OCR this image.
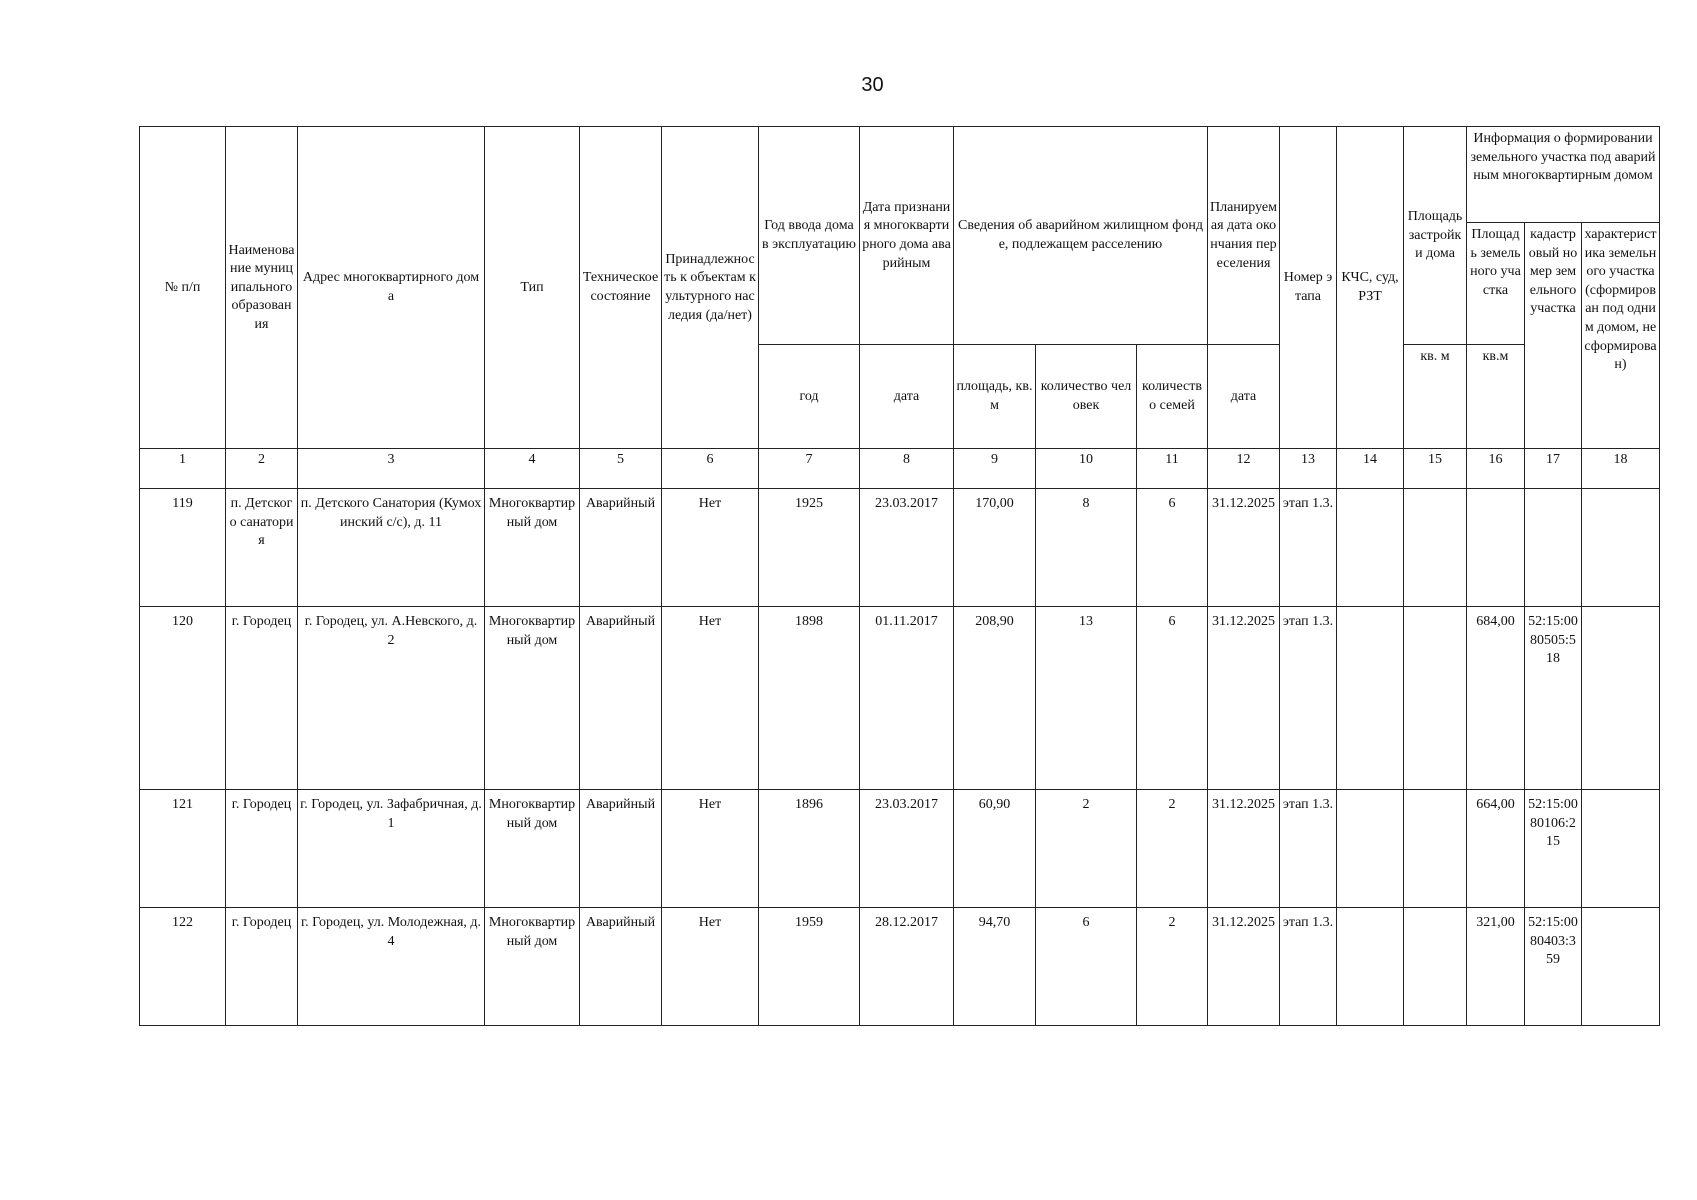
30
№ п/п	Наименование муниципального образования	Адрес многоквартирного дома	Тип	Техническое состояние	Принадлежность к объектам культурного наследия (да/нет)	Год ввода дома в эксплуатацию	Дата признания многоквартирного дома аварийным	Сведения об аварийном жилищном фонде, подлежащем расселению			Планируемая дата окончания переселения	Номер этапа	КЧС, суд, РЗТ	Площадь застройки дома	Информация о формировании земельного участка под аварийным многоквартирным домом		
															Площадь земельного участка	кадастровый номер земельного участка	характеристика земельного участка (сформирован под одним домом, не сформирован)
						год	дата	площадь, кв.м	количество человек	количество семей	дата			кв. м	кв.м		
1	2	3	4	5	6	7	8	9	10	11	12	13	14	15	16	17	18
119	п. Детского санатория	п. Детского Санатория (Кумохинский с/с), д. 11	Многоквартирный дом	Аварийный	Нет	1925	23.03.2017	170,00	8	6	31.12.2025	этап 1.3.					
120	г. Городец	г. Городец, ул. А.Невского, д. 2	Многоквартирный дом	Аварийный	Нет	1898	01.11.2017	208,90	13	6	31.12.2025	этап 1.3.			684,00	52:15:0080505:518	
121	г. Городец	г. Городец, ул. Зафабричная, д. 1	Многоквартирный дом	Аварийный	Нет	1896	23.03.2017	60,90	2	2	31.12.2025	этап 1.3.			664,00	52:15:0080106:215	
122	г. Городец	г. Городец, ул. Молодежная, д. 4	Многоквартирный дом	Аварийный	Нет	1959	28.12.2017	94,70	6	2	31.12.2025	этап 1.3.			321,00	52:15:0080403:359	
